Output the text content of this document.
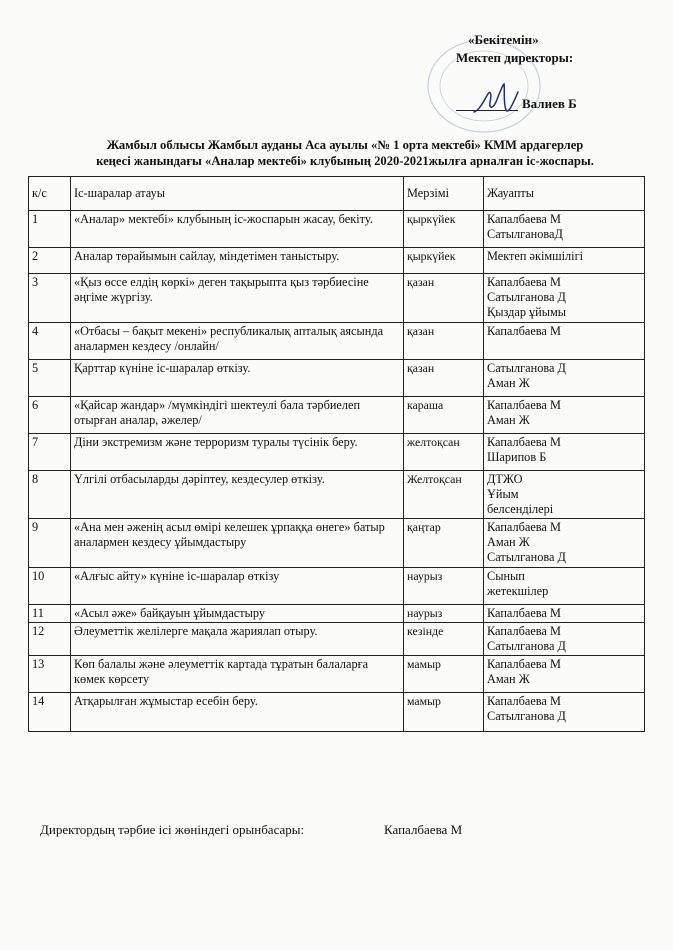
«Бекітемін»
Мектеп директоры:
Валиев Б
Жамбыл облысы Жамбыл ауданы Аса ауылы «№ 1 орта мектебі» КММ ардагерлер
кеңесі жанындағы «Аналар мектебі» клубының 2020-2021жылға арналған іс-жоспары.
к/с	Іс-шаралар атауы	Мерзімі	Жауапты
1	«Аналар» мектебі» клубының іс-жоспарын жасау, бекіту.	қыркүйек	Капалбаева М
СатылгановаД

2	Аналар төрайымын сайлау, міндетімен таныстыру.	қыркүйек	Мектеп әкімшілігі

3	«Қыз өссе елдің көркі» деген тақырыпта қыз тәрбиесіне әңгіме жүргізу.	қазан	Капалбаева М
Сатылганова Д
Қыздар ұйымы

4	«Отбасы – бақыт мекені» республикалық апталық аясында аналармен кездесу /онлайн/	қазан	Капалбаева М

5	Қарттар күніне іс-шаралар өткізу.	қазан	Сатылганова Д
Аман Ж

6	«Қайсар жандар» /мүмкіндігі шектеулі бала тәрбиелеп отырған аналар, әжелер/	караша	Капалбаева М
Аман Ж

7	Діни экстремизм және терроризм туралы түсінік беру.	желтоқсан	Капалбаева М
Шарипов Б

8	Үлгілі отбасыларды дәріптеу, кездесулер өткізу.	Желтоқсан	ДТЖО
Ұйым
белсенділері

9	«Ана мен әженің асыл өмірі келешек ұрпаққа өнеге» батыр аналармен кездесу ұйымдастыру	қаңтар	Капалбаева М
Аман Ж
Сатылганова Д

10	«Алғыс айту» күніне іс-шаралар өткізу	наурыз	Сынып
жетекшілер

11	«Асыл әже» байқауын ұйымдастыру	наурыз	Капалбаева М

12	Әлеуметтік желілерге мақала жариялап отыру.	кезінде	Капалбаева М
Сатылганова Д

13	Көп балалы және әлеуметтік картада тұратын балаларға көмек көрсету	мамыр	Капалбаева М
Аман Ж

14	Атқарылған жұмыстар есебін беру.	мамыр	Капалбаева М
Сатылганова Д
Директордың тәрбие ісі жөніндегі орынбасары:	Капалбаева М
